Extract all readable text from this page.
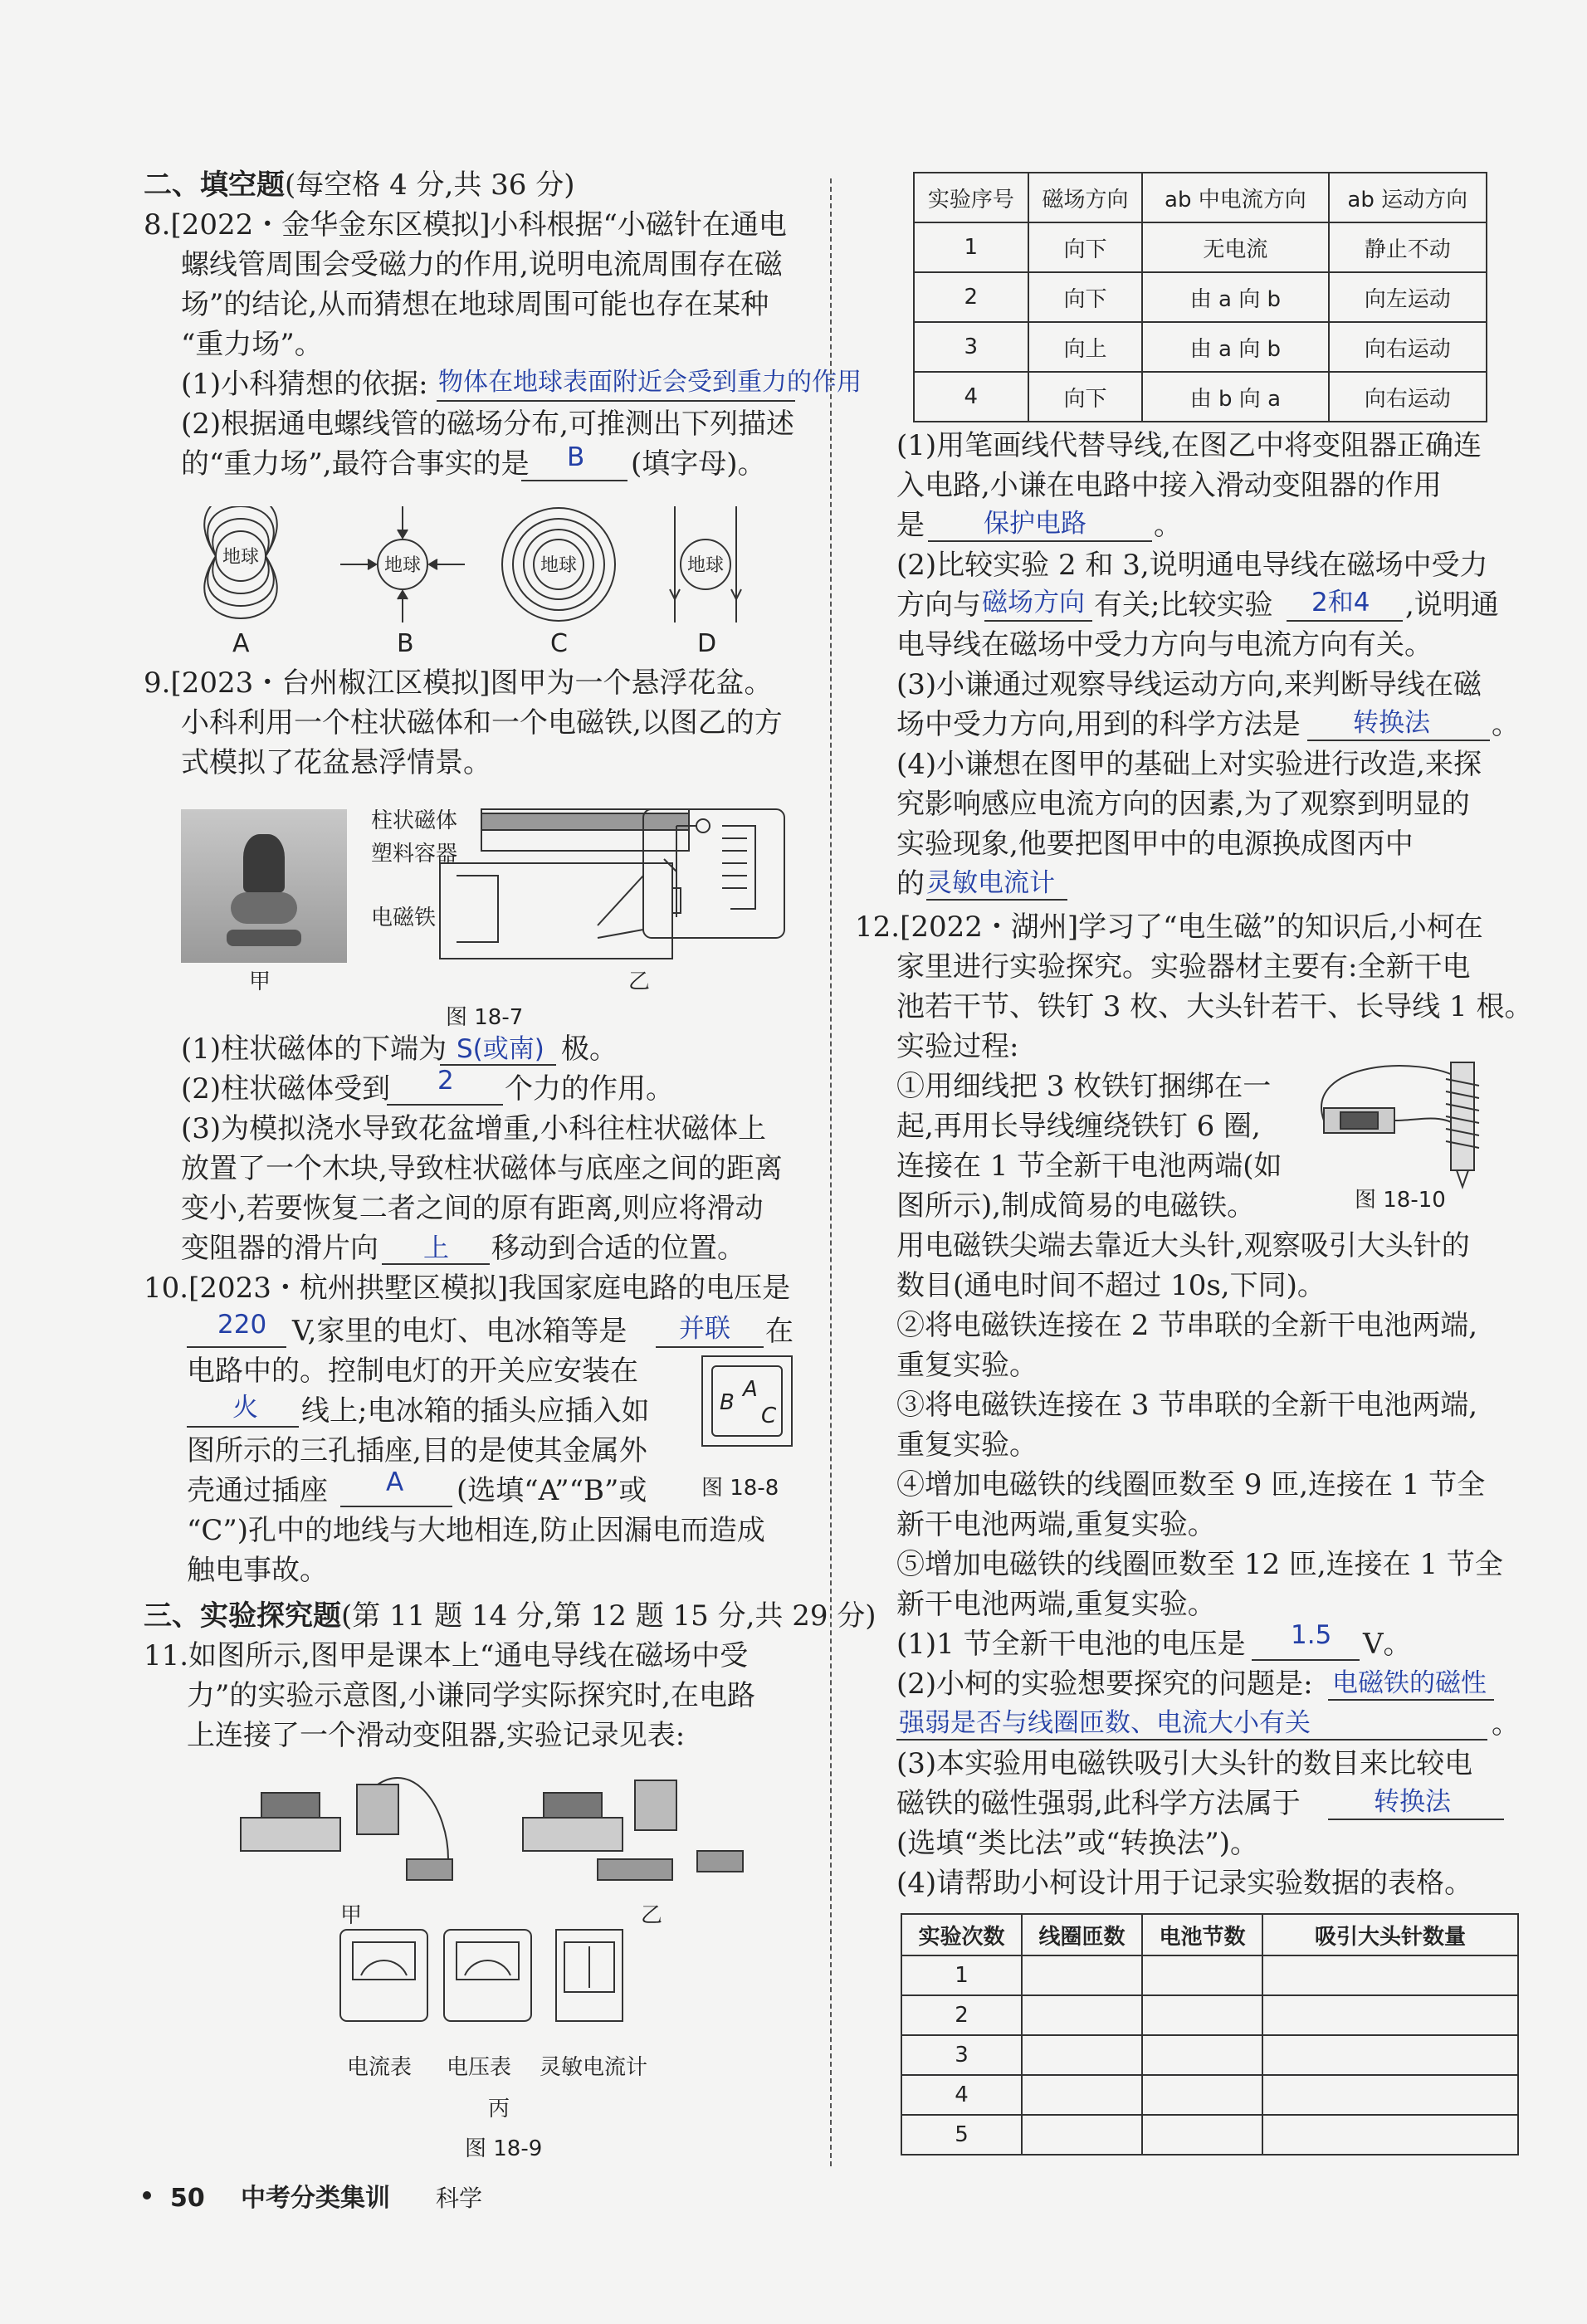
二、填空题(每空格 4 分,共 36 分)
8.[2022・金华金东区模拟]小科根据“小磁针在通电
螺线管周围会受磁力的作用,说明电流周围存在磁
场”的结论,从而猜想在地球周围可能也存在某种
“重力场”。
(1)小科猜想的依据: 物体在地球表面附近会受到重力的作用
(2)根据通电螺线管的磁场分布,可推测出下列描述
的“重力场”,最符合事实的是 B (填字母)。
地球	地球	地球	地球
A	B	C	D
9.[2023・台州椒江区模拟]图甲为一个悬浮花盆。
小科利用一个柱状磁体和一个电磁铁,以图乙的方
式模拟了花盆悬浮情景。
柱状磁体
塑料容器
电磁铁
甲	乙
图 18-7
(1)柱状磁体的下端为 S(或南) 极。
(2)柱状磁体受到 2 个力的作用。
(3)为模拟浇水导致花盆增重,小科往柱状磁体上
放置了一个木块,导致柱状磁体与底座之间的距离
变小,若要恢复二者之间的原有距离,则应将滑动
变阻器的滑片向 上 移动到合适的位置。
10.[2023・杭州拱墅区模拟]我国家庭电路的电压是
220 V,家里的电灯、电冰箱等是 并联 在
电路中的。控制电灯的开关应安装在
火 线上;电冰箱的插头应插入如
图所示的三孔插座,目的是使其金属外
壳通过插座 A (选填“A”“B”或
“C”)孔中的地线与大地相连,防止因漏电而造成
触电事故。
B
A
C
图 18-8
三、实验探究题(第 11 题 14 分,第 12 题 15 分,共 29 分)
11.如图所示,图甲是课本上“通电导线在磁场中受
力”的实验示意图,小谦同学实际探究时,在电路
上连接了一个滑动变阻器,实验记录见表:
甲	乙
电流表 电压表 灵敏电流计
丙
图 18-9
实验序号	磁场方向	ab 中电流方向	ab 运动方向
1	向下	无电流	静止不动
2	向下	由 a 向 b	向左运动
3	向上	由 a 向 b	向右运动
4	向下	由 b 向 a	向右运动
(1)用笔画线代替导线,在图乙中将变阻器正确连
入电路,小谦在电路中接入滑动变阻器的作用
是 保护电路 。
(2)比较实验 2 和 3,说明通电导线在磁场中受力
方向与 磁场方向 有关;比较实验 2和4 ,说明通
电导线在磁场中受力方向与电流方向有关。
(3)小谦通过观察导线运动方向,来判断导线在磁
场中受力方向,用到的科学方法是 转换法 。
(4)小谦想在图甲的基础上对实验进行改造,来探
究影响感应电流方向的因素,为了观察到明显的
实验现象,他要把图甲中的电源换成图丙中
的 灵敏电流计
12.[2022・湖州]学习了“电生磁”的知识后,小柯在
家里进行实验探究。实验器材主要有:全新干电
池若干节、铁钉 3 枚、大头针若干、长导线 1 根。
实验过程:
①用细线把 3 枚铁钉捆绑在一
起,再用长导线缠绕铁钉 6 圈,
连接在 1 节全新干电池两端(如
图所示),制成简易的电磁铁。	图 18-10
用电磁铁尖端去靠近大头针,观察吸引大头针的
数目(通电时间不超过 10s,下同)。
②将电磁铁连接在 2 节串联的全新干电池两端,
重复实验。
③将电磁铁连接在 3 节串联的全新干电池两端,
重复实验。
④增加电磁铁的线圈匝数至 9 匝,连接在 1 节全
新干电池两端,重复实验。
⑤增加电磁铁的线圈匝数至 12 匝,连接在 1 节全
新干电池两端,重复实验。
(1)1 节全新干电池的电压是 1.5 V。
(2)小柯的实验想要探究的问题是: 电磁铁的磁性
强弱是否与线圈匝数、电流大小有关	。
(3)本实验用电磁铁吸引大头针的数目来比较电
磁铁的磁性强弱,此科学方法属于	转换法
(选填“类比法”或“转换法”)。
(4)请帮助小柯设计用于记录实验数据的表格。
实验次数	线圈匝数	电池节数	吸引大头针数量
1			
2			
3			
4			
5			
50 中考分类集训 科学
